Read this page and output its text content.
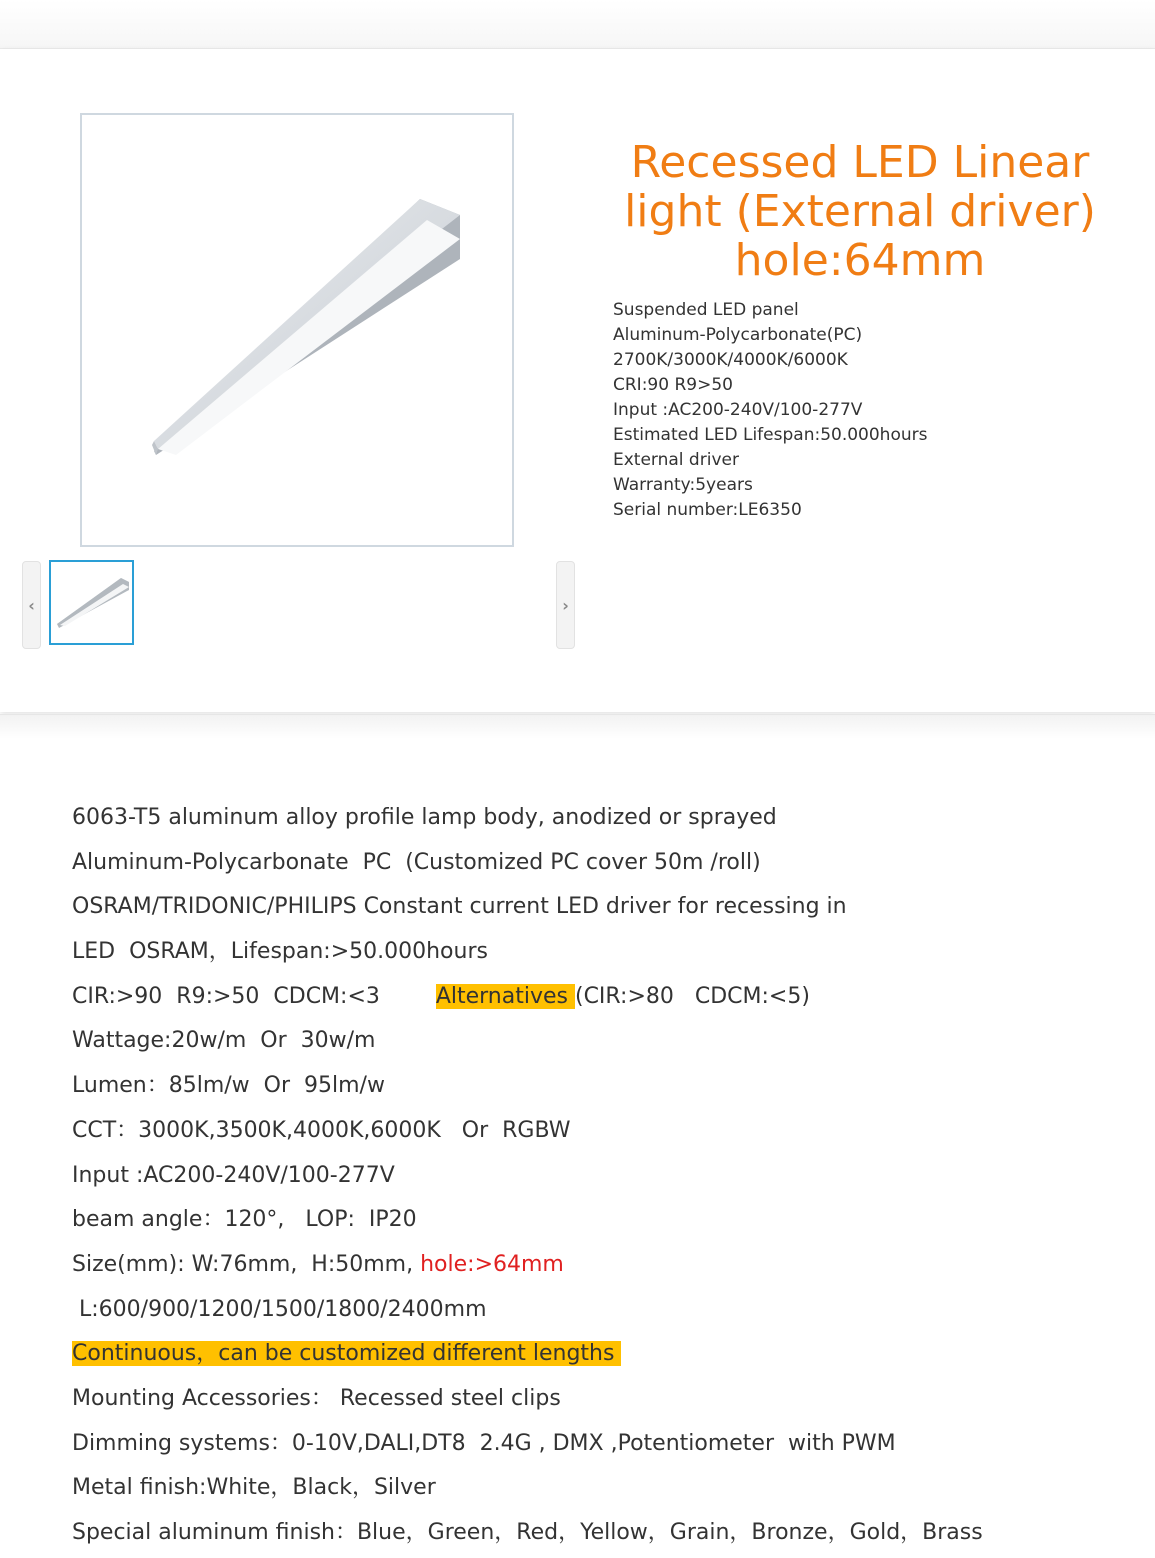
‹	›
Recessed LED Linear
light (External driver)
hole:64mm
Suspended LED panel
Aluminum-Polycarbonate(PC)
2700K/3000K/4000K/6000K
CRI:90 R9>50
Input :AC200-240V/100-277V
Estimated LED Lifespan:50.000hours
External driver
Warranty:5years
Serial number:LE6350
6063-T5 aluminum alloy profile lamp body, anodized or sprayed
Aluminum-Polycarbonate  PC  (Customized PC cover 50m /roll)
OSRAM/TRIDONIC/PHILIPS Constant current LED driver for recessing in
LED  OSRAM，Lifespan:>50.000hours
CIR:>90  R9:>50  CDCM:<3        Alternatives (CIR:>80   CDCM:<5)
Wattage:20w/m  Or  30w/m
Lumen：85lm/w  Or  95lm/w
CCT：3000K,3500K,4000K,6000K   Or  RGBW
Input :AC200-240V/100-277V
beam angle：120°,   LOP:  IP20
Size(mm): W:76mm,  H:50mm, hole:>64mm
L:600/900/1200/1500/1800/2400mm
Continuous，can be customized different lengths
Mounting Accessories： Recessed steel clips
Dimming systems：0-10V,DALI,DT8  2.4G , DMX ,Potentiometer  with PWM
Metal finish:White，Black，Silver
Special aluminum finish：Blue，Green，Red，Yellow，Grain，Bronze，Gold，Brass
